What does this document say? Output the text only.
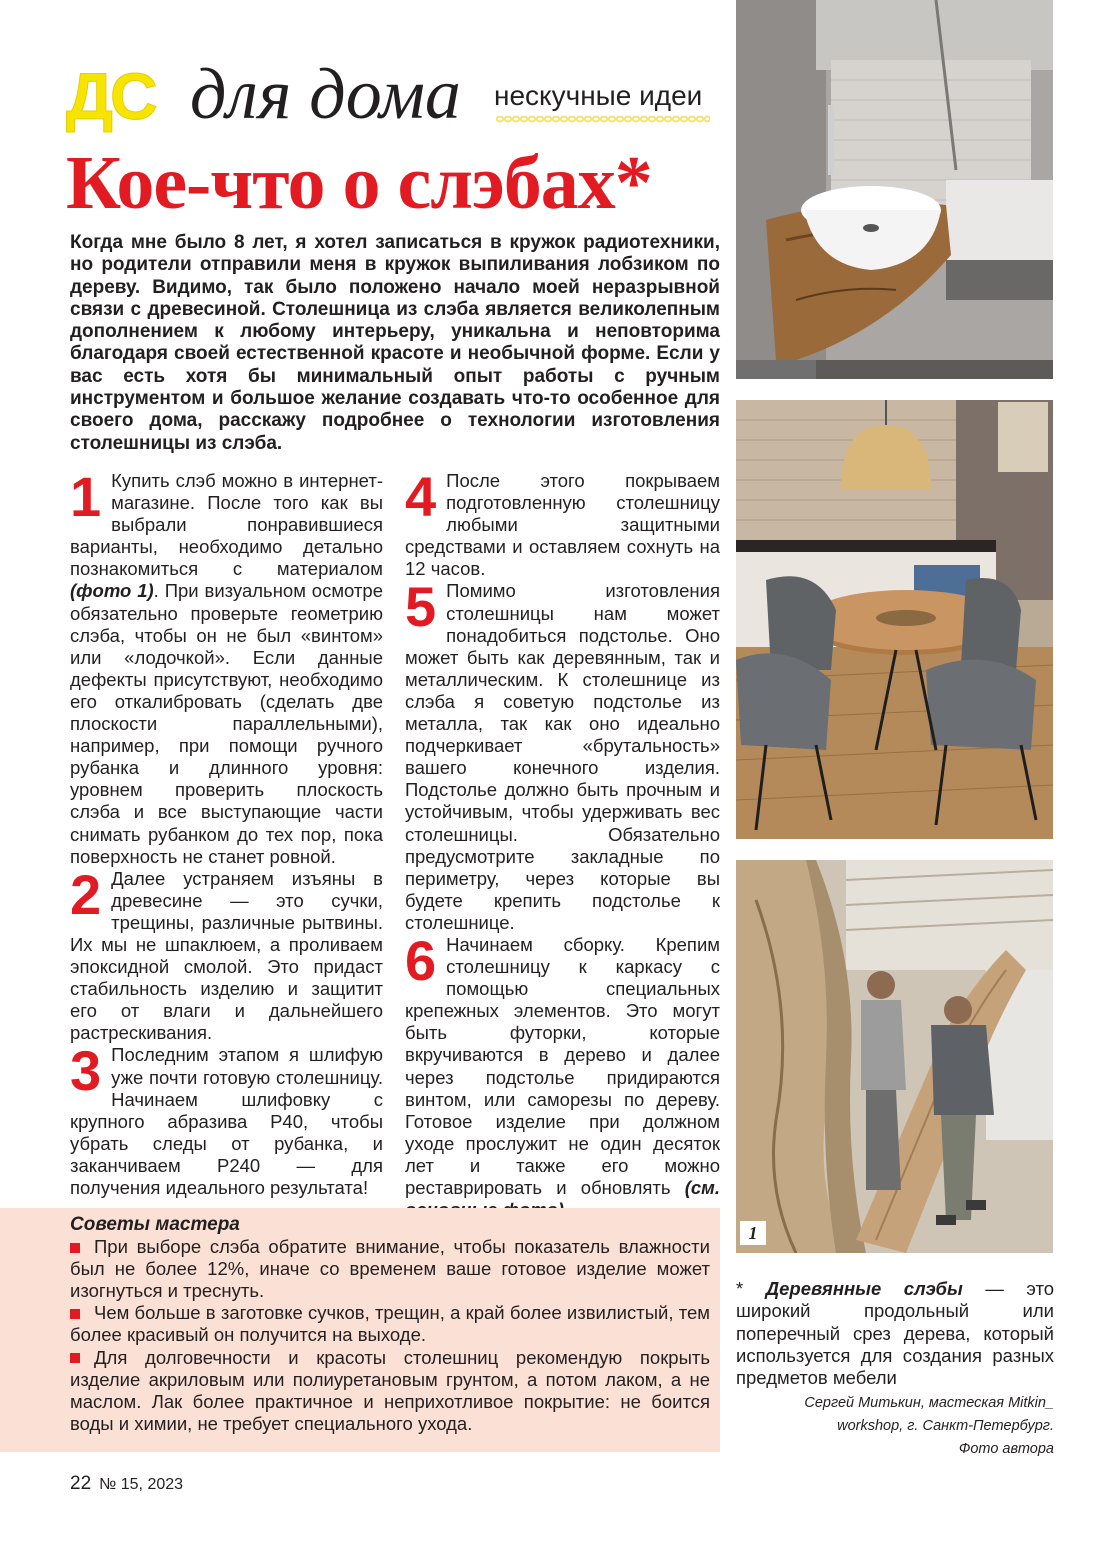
ДС для дома нескучные идеи
Кое-что о слэбах*

Когда мне было 8 лет, я хотел записаться в кружок радиотехники, но родители отправили меня в кружок выпиливания лобзиком по дереву. Видимо, так было положено начало моей неразрывной связи с древесиной. Столешница из слэба является великолепным дополнением к любому интерьеру, уникальна и неповторима благодаря своей естественной красоте и необычной форме. Если у вас есть хотя бы минимальный опыт работы с ручным инструментом и большое желание создавать что-то особенное для своего дома, расскажу подробнее о технологии изготовления столешницы из слэба.

1 Купить слэб можно в интернет-магазине. После того как вы выбрали понравившиеся варианты, необходимо детально познакомиться с материалом (фото 1). При визуальном осмотре обязательно проверьте геометрию слэба, чтобы он не был «винтом» или «лодочкой». Если данные дефекты присутствуют, необходимо его откалибровать (сделать две плоскости параллельными), например, при помощи ручного рубанка и длинного уровня: уровнем проверить плоскость слэба и все выступающие части снимать рубанком до тех пор, пока поверхность не станет ровной.
2 Далее устраняем изъяны в древесине — это сучки, трещины, различные рытвины. Их мы не шпаклюем, а проливаем эпоксидной смолой. Это придаст стабильность изделию и защитит его от влаги и дальнейшего растрескивания.
3 Последним этапом я шлифую уже почти готовую столешницу. Начинаем шлифовку с крупного абразива Р40, чтобы убрать следы от рубанка, и заканчиваем Р240 — для получения идеального результата!
4 После этого покрываем подготовленную столешницу любыми защитными средствами и оставляем сохнуть на 12 часов.
5 Помимо изготовления столешницы нам может понадобиться подстолье. Оно может быть как деревянным, так и металлическим. К столешнице из слэба я советую подстолье из металла, так как оно идеально подчеркивает «брутальность» вашего конечного изделия. Подстолье должно быть прочным и устойчивым, чтобы удерживать вес столешницы. Обязательно предусмотрите закладные по периметру, через которые вы будете крепить подстолье к столешнице.
6 Начинаем сборку. Крепим столешницу к каркасу с помощью специальных крепежных элементов. Это могут быть футорки, которые вкручиваются в дерево и далее через подстолье придираются винтом, или саморезы по дереву. Готовое изделие при должном уходе прослужит не один десяток лет и также его можно реставрировать и обновлять (см.
Советы мастера
При выборе слэба обратите внимание, чтобы показатель влажности был не более 12%, иначе со временем ваше готовое изделие может изогнуться и треснуть.
Чем больше в заготовке сучков, трещин, а край более извилистый, тем более красивый он получится на выходе.
Для долговечности и красоты столешниц рекомендую покрыть изделие акриловым или полиуретановым грунтом, а потом лаком, а не маслом. Лак более практичное и неприхотливое покрытие: не боится воды и химии, не требует специального ухода.
1

* Деревянные слэбы — это широкий продольный или поперечный срез дерева, который используется для создания разных предметов мебели

Сергей Митькин, мастеская Mitkin_ workshop, г. Санкт-Петербург.
Фото автора
22 № 15, 2023
